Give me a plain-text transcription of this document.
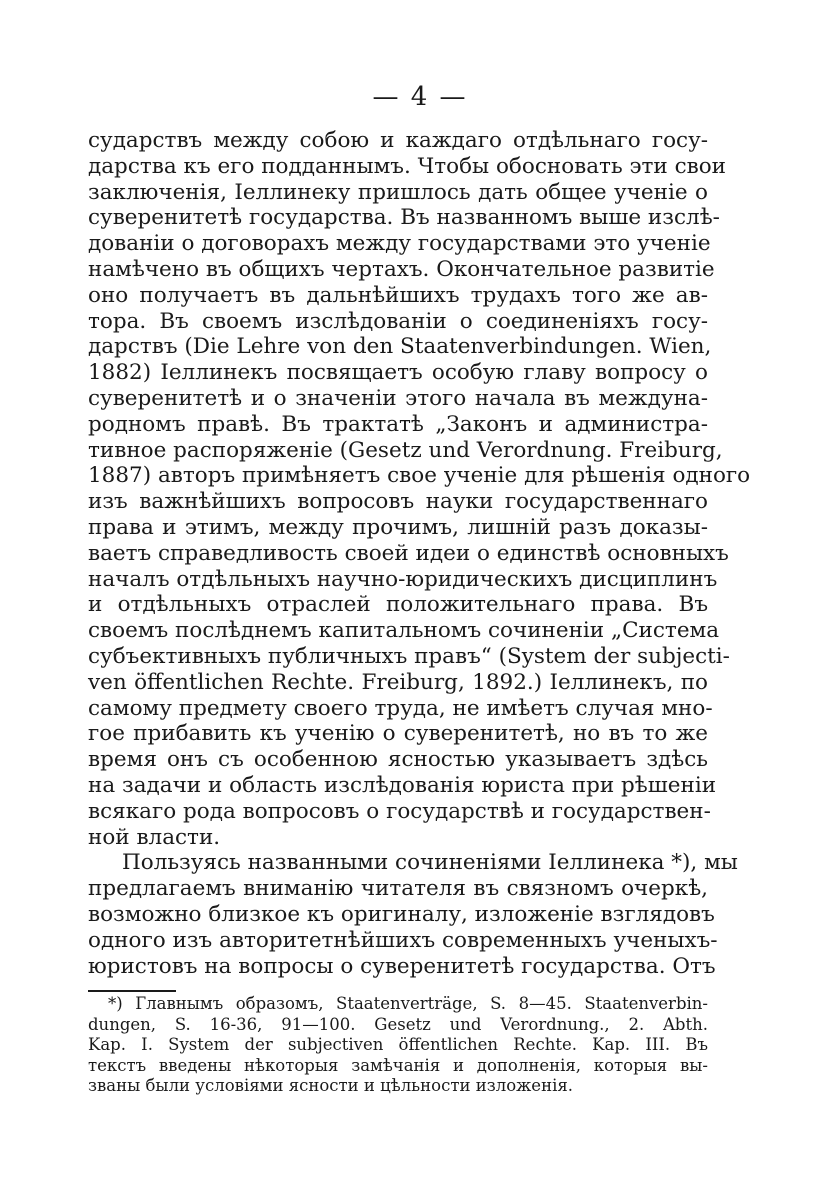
— 4 —
сударствъ между собою и каждаго отдѣльнаго госу-
дарства къ его подданнымъ. Чтобы обосновать эти свои
заключенія, Іеллинеку пришлось дать общее ученіе о
суверенитетѣ государства. Въ названномъ выше изслѣ-
дованіи о договорахъ между государствами это ученіе
намѣчено въ общихъ чертахъ. Окончательное развитіе
оно получаетъ въ дальнѣйшихъ трудахъ того же ав-
тора. Въ своемъ изслѣдованіи о соединеніяхъ госу-
дарствъ (Die Lehre von den Staatenverbindungen. Wien,
1882) Іеллинекъ посвящаетъ особую главу вопросу о
суверенитетѣ и о значеніи этого начала въ междуна-
родномъ правѣ. Въ трактатѣ „Законъ и администра-
тивное распоряженіе (Gesetz und Verordnung. Freiburg,
1887) авторъ примѣняетъ свое ученіе для рѣшенія одного
изъ важнѣйшихъ вопросовъ науки государственнаго
права и этимъ, между прочимъ, лишній разъ доказы-
ваетъ справедливость своей идеи о единствѣ основныхъ
началъ отдѣльныхъ научно-юридическихъ дисциплинъ
и отдѣльныхъ отраслей положительнаго права. Въ
своемъ послѣднемъ капитальномъ сочиненіи „Система
субъективныхъ публичныхъ правъ“ (System der subjecti-
ven öffentlichen Rechte. Freiburg, 1892.) Іеллинекъ, по
самому предмету своего труда, не имѣетъ случая мно-
гое прибавить къ ученію о суверенитетѣ, но въ то же
время онъ съ особенною ясностью указываетъ здѣсь
на задачи и область изслѣдованія юриста при рѣшеніи
всякаго рода вопросовъ о государствѣ и государствен-
ной власти.
Пользуясь названными сочиненіями Іеллинека *), мы
предлагаемъ вниманію читателя въ связномъ очеркѣ,
возможно близкое къ оригиналу, изложеніе взглядовъ
одного изъ авторитетнѣйшихъ современныхъ ученыхъ-
юристовъ на вопросы о суверенитетѣ государства. Отъ
*) Главнымъ образомъ, Staatenverträge, S. 8—45. Staatenverbin-
dungen, S. 16-36, 91—100. Gesetz und Verordnung., 2. Abth.
Kap. I. System der subjectiven öffentlichen Rechte. Kap. III. Въ
текстъ введены нѣкоторыя замѣчанія и дополненія, которыя вы-
званы были условіями ясности и цѣльности изложенія.
